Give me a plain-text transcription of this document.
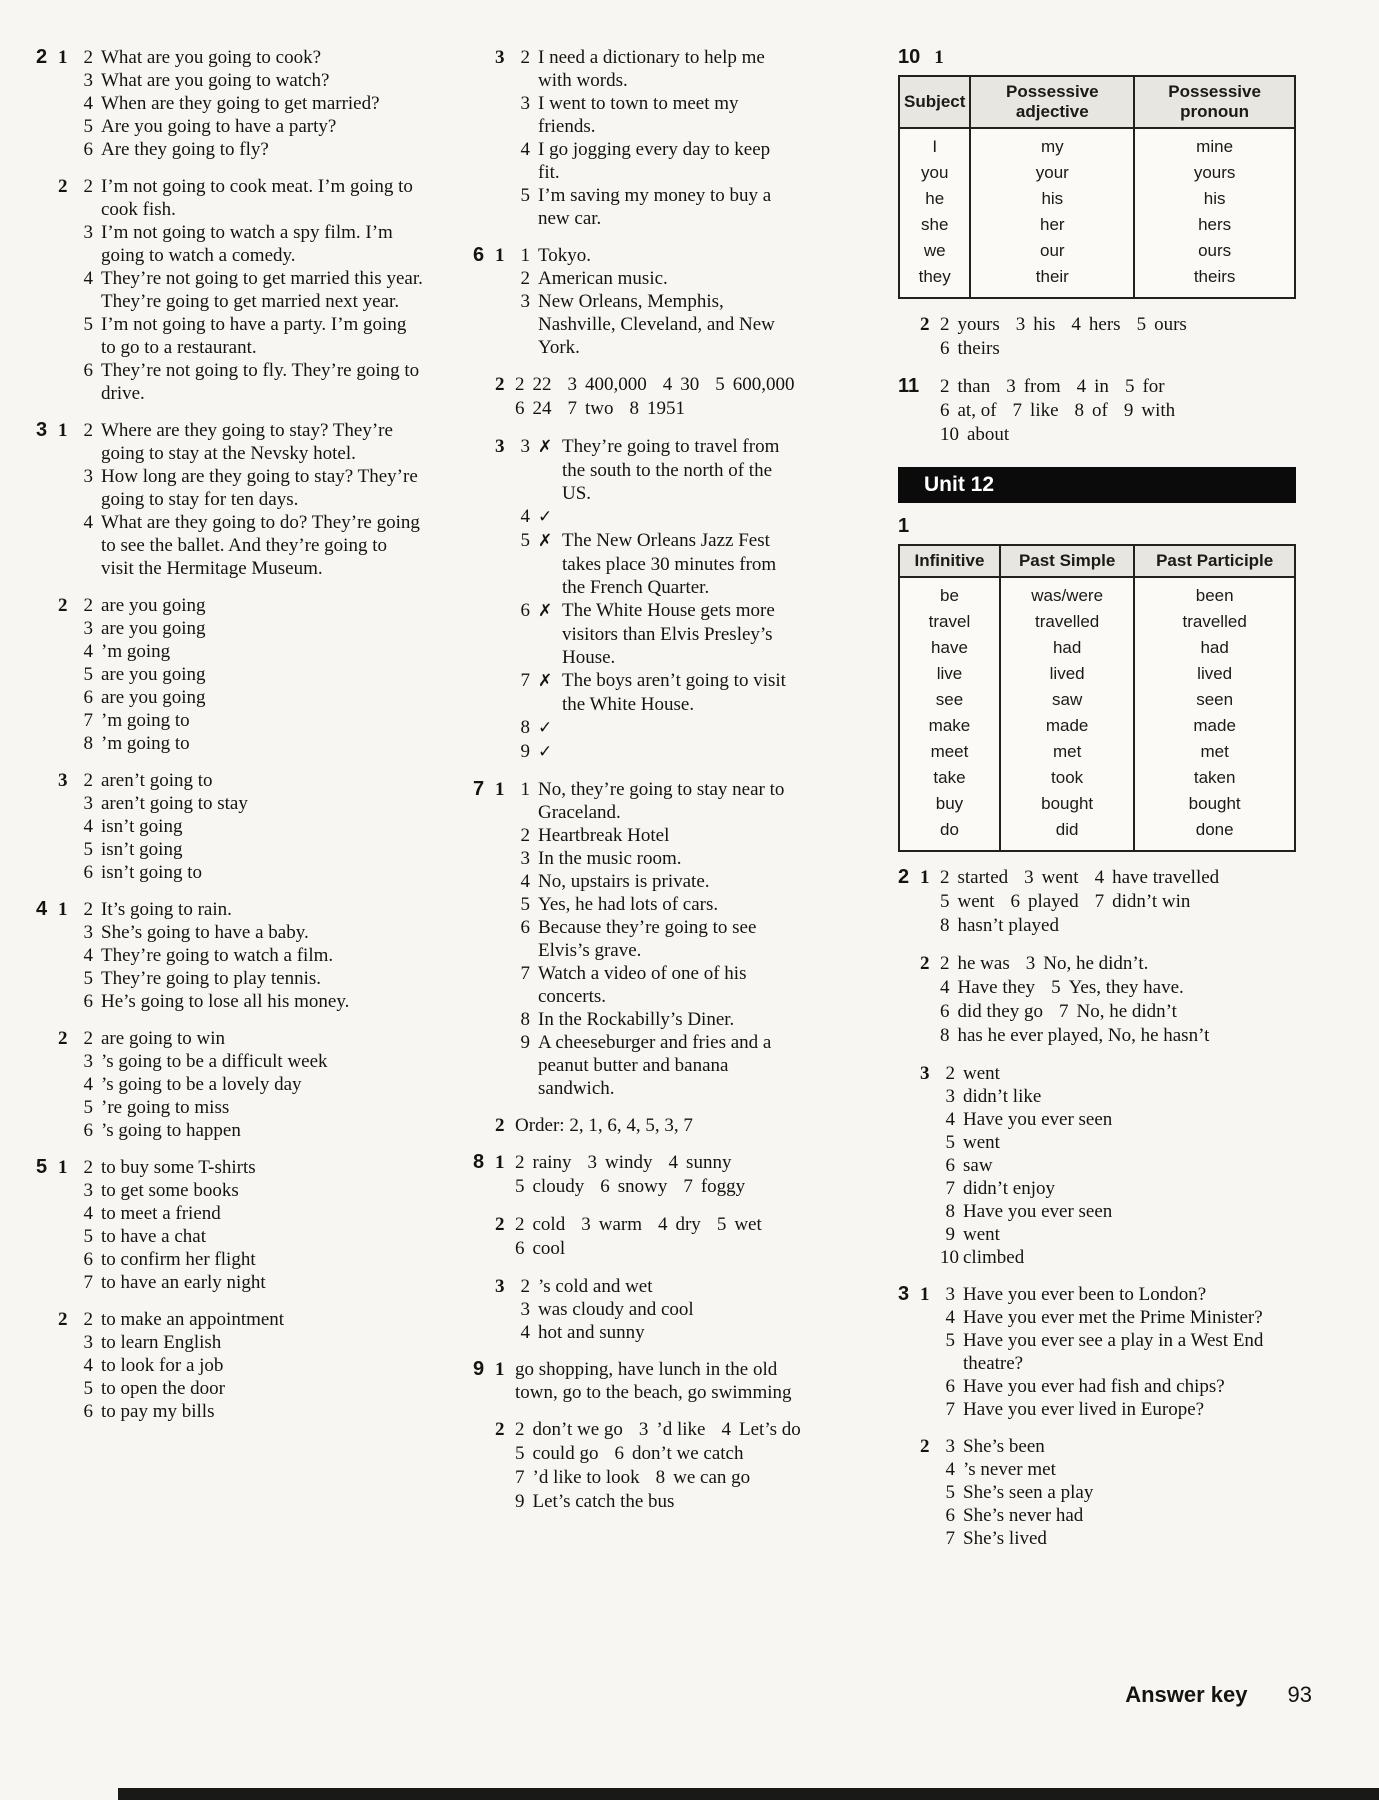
2 1 2 What are you going to cook?
3 What are you going to watch?
4 When are they going to get married?
5 Are you going to have a party?
6 Are they going to fly?
2 2 I’m not going to cook meat. I’m going to cook fish.
3 I’m not going to watch a spy film. I’m going to watch a comedy.
4 They’re not going to get married this year. They’re going to get married next year.
5 I’m not going to have a party. I’m going to go to a restaurant.
6 They’re not going to fly. They’re going to drive.
3 1 2 Where are they going to stay? They’re going to stay at the Nevsky hotel.
3 How long are they going to stay? They’re going to stay for ten days.
4 What are they going to do? They’re going to see the ballet. And they’re going to visit the Hermitage Museum.
2 2 are you going
3 are you going
4 ’m going
5 are you going
6 are you going
7 ’m going to
8 ’m going to
3 2 aren’t going to
3 aren’t going to stay
4 isn’t going
5 isn’t going
6 isn’t going to
4 1 2 It’s going to rain.
3 She’s going to have a baby.
4 They’re going to watch a film.
5 They’re going to play tennis.
6 He’s going to lose all his money.
2 2 are going to win
3 ’s going to be a difficult week
4 ’s going to be a lovely day
5 ’re going to miss
6 ’s going to happen
5 1 2 to buy some T-shirts
3 to get some books
4 to meet a friend
5 to have a chat
6 to confirm her flight
7 to have an early night
2 2 to make an appointment
3 to learn English
4 to look for a job
5 to open the door
6 to pay my bills
3 2 I need a dictionary to help me with words.
3 I went to town to meet my friends.
4 I go jogging every day to keep fit.
5 I’m saving my money to buy a new car.
6 1 1 Tokyo.
2 American music.
3 New Orleans, Memphis, Nashville, Cleveland, and New York.
2 2 22 3 400,000 4 30 5 600,000
6 24 7 two 8 1951
3 3 ✗ They’re going to travel from the south to the north of the US.
4 ✓
5 ✗ The New Orleans Jazz Fest takes place 30 minutes from the French Quarter.
6 ✗ The White House gets more visitors than Elvis Presley’s House.
7 ✗ The boys aren’t going to visit the White House.
8 ✓
9 ✓
7 1 1 No, they’re going to stay near to Graceland.
2 Heartbreak Hotel
3 In the music room.
4 No, upstairs is private.
5 Yes, he had lots of cars.
6 Because they’re going to see Elvis’s grave.
7 Watch a video of one of his concerts.
8 In the Rockabilly’s Diner.
9 A cheeseburger and fries and a peanut butter and banana sandwich.
2 Order: 2, 1, 6, 4, 5, 3, 7
8 1 2 rainy 3 windy 4 sunny
5 cloudy 6 snowy 7 foggy
2 2 cold 3 warm 4 dry 5 wet
6 cool
3 2 ’s cold and wet
3 was cloudy and cool
4 hot and sunny
9 1 go shopping, have lunch in the old town, go to the beach, go swimming
2 2 don’t we go 3 ’d like 4 Let’s do
5 could go 6 don’t we catch
7 ’d like to look 8 we can go
9 Let’s catch the bus
10 1
Subject	Possessive adjective	Possessive pronoun
I	my	mine
you	your	yours
he	his	his
she	her	hers
we	our	ours
they	their	theirs
2 2 yours 3 his 4 hers 5 ours
6 theirs
11 2 than 3 from 4 in 5 for
6 at, of 7 like 8 of 9 with
10 about
Unit 12
1
Infinitive	Past Simple	Past Participle
be	was/were	been
travel	travelled	travelled
have	had	had
live	lived	lived
see	saw	seen
make	made	made
meet	met	met
take	took	taken
buy	bought	bought
do	did	done
2 1 2 started 3 went 4 have travelled
5 went 6 played 7 didn’t win
8 hasn’t played
2 2 he was 3 No, he didn’t.
4 Have they 5 Yes, they have.
6 did they go 7 No, he didn’t
8 has he ever played, No, he hasn’t
3 2 went
3 didn’t like
4 Have you ever seen
5 went
6 saw
7 didn’t enjoy
8 Have you ever seen
9 went
10 climbed
3 1 3 Have you ever been to London?
4 Have you ever met the Prime Minister?
5 Have you ever see a play in a West End theatre?
6 Have you ever had fish and chips?
7 Have you ever lived in Europe?
2 3 She’s been
4 ’s never met
5 She’s seen a play
6 She’s never had
7 She’s lived
Answer key 93
